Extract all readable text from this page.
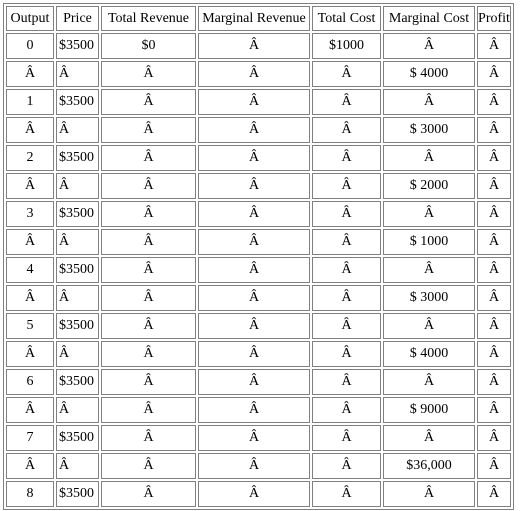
Output	Price	Total Revenue	Marginal Revenue	Total Cost	Marginal Cost	Profit
0	$3500	$0	Â	$1000	Â	Â
Â	Â	Â	Â	Â	$ 4000	Â
1	$3500	Â	Â	Â	Â	Â
Â	Â	Â	Â	Â	$ 3000	Â
2	$3500	Â	Â	Â	Â	Â
Â	Â	Â	Â	Â	$ 2000	Â
3	$3500	Â	Â	Â	Â	Â
Â	Â	Â	Â	Â	$ 1000	Â
4	$3500	Â	Â	Â	Â	Â
Â	Â	Â	Â	Â	$ 3000	Â
5	$3500	Â	Â	Â	Â	Â
Â	Â	Â	Â	Â	$ 4000	Â
6	$3500	Â	Â	Â	Â	Â
Â	Â	Â	Â	Â	$ 9000	Â
7	$3500	Â	Â	Â	Â	Â
Â	Â	Â	Â	Â	$36,000	Â
8	$3500	Â	Â	Â	Â	Â
